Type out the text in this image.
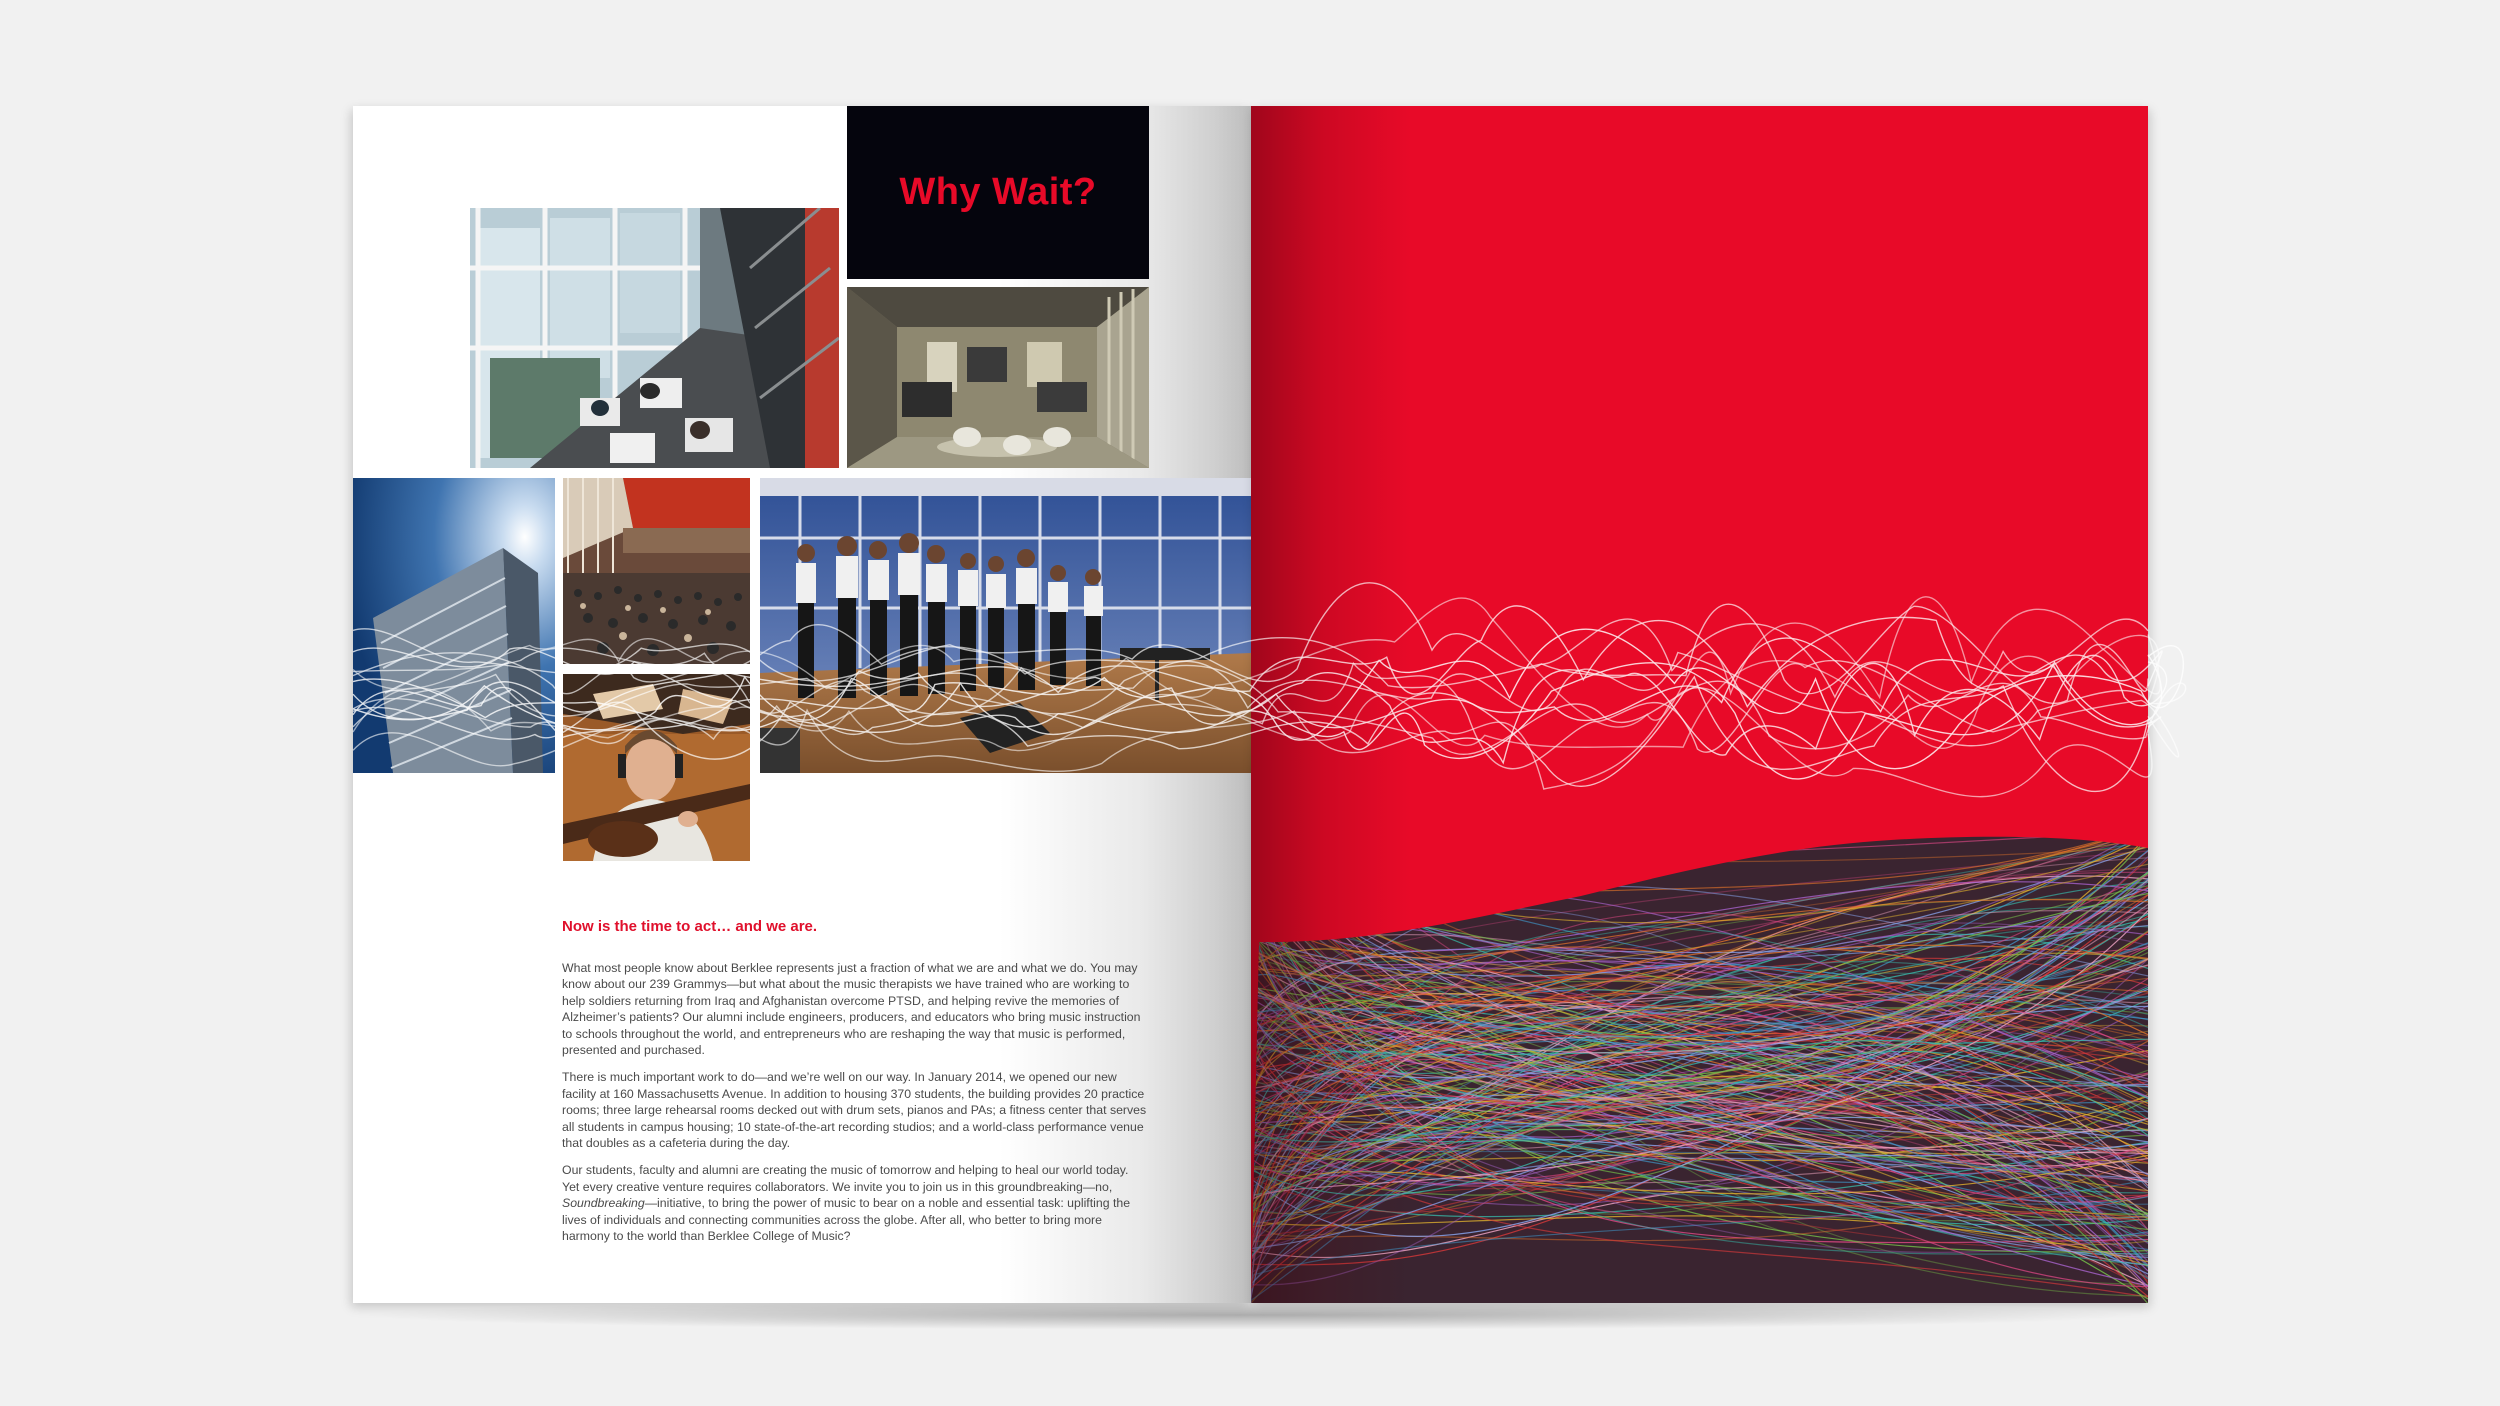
Why Wait?
Now is the time to act… and we are.

What most people know about Berklee represents just a fraction of what we are and what we do. You may know about our 239 Grammys—but what about the music therapists we have trained who are working to help soldiers returning from Iraq and Afghanistan overcome PTSD, and helping revive the memories of Alzheimer’s patients? Our alumni include engineers, producers, and educators who bring music instruction to schools throughout the world, and entrepreneurs who are reshaping the way that music is performed, presented and purchased.

There is much important work to do—and we’re well on our way. In January 2014, we opened our new facility at 160 Massachusetts Avenue. In addition to housing 370 students, the building provides 20 practice rooms; three large rehearsal rooms decked out with drum sets, pianos and PAs; a fitness center that serves all students in campus housing; 10 state-of-the-art recording studios; and a world-class performance venue that doubles as a cafeteria during the day.

Our students, faculty and alumni are creating the music of tomorrow and helping to heal our world today. Yet every creative venture requires collaborators. We invite you to join us in this groundbreaking—no, Soundbreaking—initiative, to bring the power of music to bear on a noble and essential task: uplifting the lives of individuals and connecting communities across the globe. After all, who better to bring more harmony to the world than Berklee College of Music?
